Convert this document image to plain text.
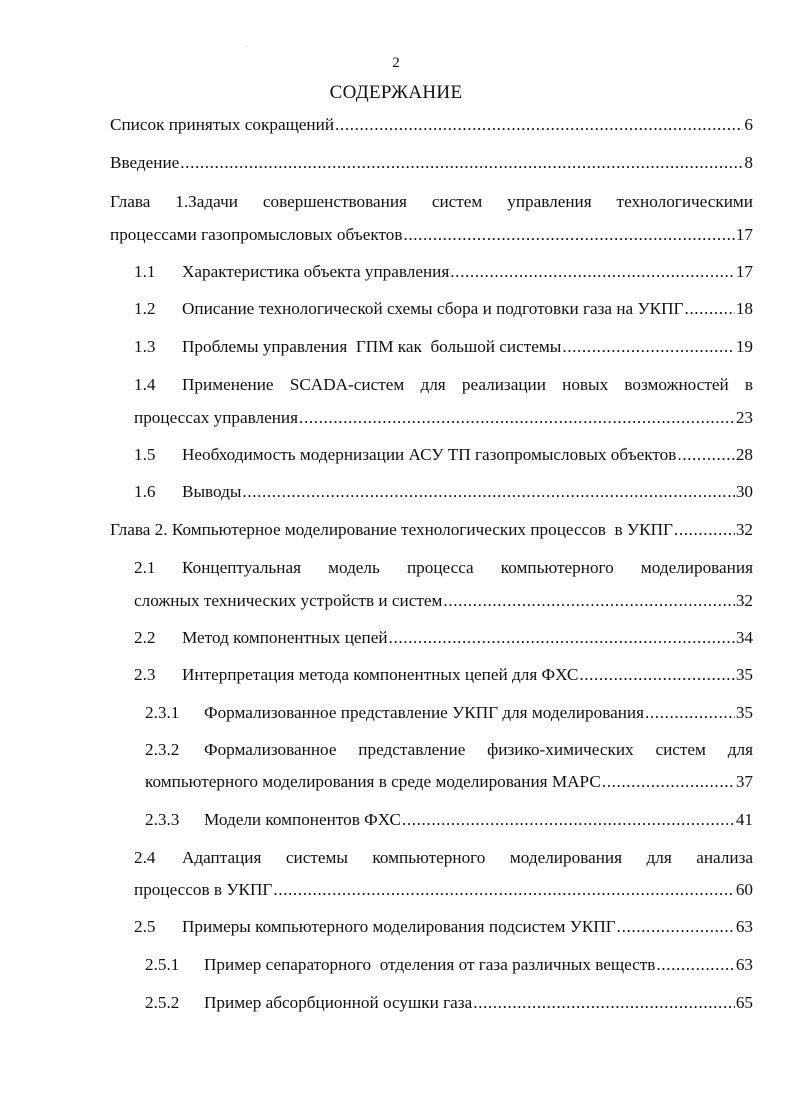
·
2
СОДЕРЖАНИЕ
Список принятых сокращений .....	6
Введение .....	8
Глава 1.Задачи совершенствования систем управления технологическими
процессами газопромысловых объектов .....	17
1.1	Характеристика объекта управления .....	17
1.2	Описание технологической схемы сбора и подготовки газа на УКПГ .....	18
1.3	Проблемы управления  ГПМ как  большой системы .....	19
1.4 Применение SCADA-систем для реализации новых возможностей в
процессах управления .....	23
1.5	Необходимость модернизации АСУ ТП газопромысловых объектов .....	28
1.6	Выводы .....	30
Глава 2. Компьютерное моделирование технологических процессов  в УКПГ .....	32
2.1 Концептуальная модель процесса компьютерного моделирования
сложных технических устройств и систем .....	32
2.2	Метод компонентных цепей .....	34
2.3	Интерпретация метода компонентных цепей для ФХС .....	35
2.3.1	Формализованное представление УКПГ для моделирования .....	35
2.3.2 Формализованное представление физико-химических систем для
компьютерного моделирования в среде моделирования МАРС .....	37
2.3.3	Модели компонентов ФХС .....	41
2.4 Адаптация системы компьютерного моделирования для анализа
процессов в УКПГ .....	60
2.5	Примеры компьютерного моделирования подсистем УКПГ .....	63
2.5.1	Пример сепараторного  отделения от газа различных веществ .....	63
2.5.2	Пример абсорбционной осушки газа .....	65
